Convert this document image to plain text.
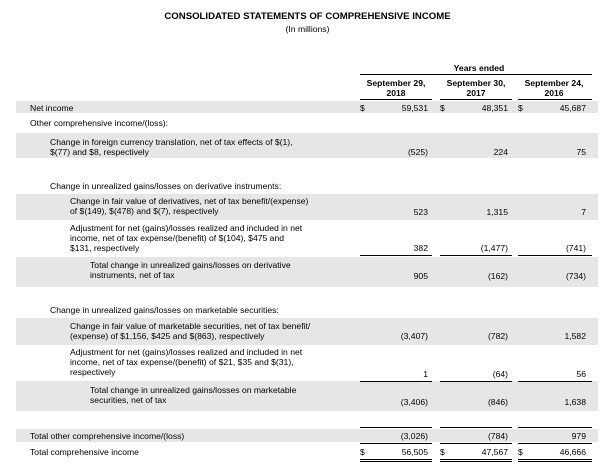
CONSOLIDATED STATEMENTS OF COMPREHENSIVE INCOME
(In millions)
Years ended
September 29,
2018
September 30,
2017
September 24,
2016
Net income	$	59,531 $	48,351 $	45,687
Other comprehensive income/(loss):
Change in foreign currency translation, net of tax effects of $(1),
$(77) and $8, respectively	(525)	224	75
Change in unrealized gains/losses on derivative instruments:
Change in fair value of derivatives, net of tax benefit/(expense)
of $(149), $(478) and $(7), respectively	523	1,315	7
Adjustment for net (gains)/losses realized and included in net
income, net of tax expense/(benefit) of $(104), $475 and
$131, respectively	382	(1,477)	(741)
Total change in unrealized gains/losses on derivative
instruments, net of tax	905	(162)	(734)
Change in unrealized gains/losses on marketable securities:
Change in fair value of marketable securities, net of tax benefit/
(expense) of $1,156, $425 and $(863), respectively	(3,407)	(782)	1,582
Adjustment for net (gains)/losses realized and included in net
income, net of tax expense/(benefit) of $21, $35 and $(31),
respectively	1	(64)	56
Total change in unrealized gains/losses on marketable
securities, net of tax	(3,406)	(846)	1,638
Total other comprehensive income/(loss)	(3,026)	(784)	979
Total comprehensive income	$	56,505 $	47,567 $	46,666
